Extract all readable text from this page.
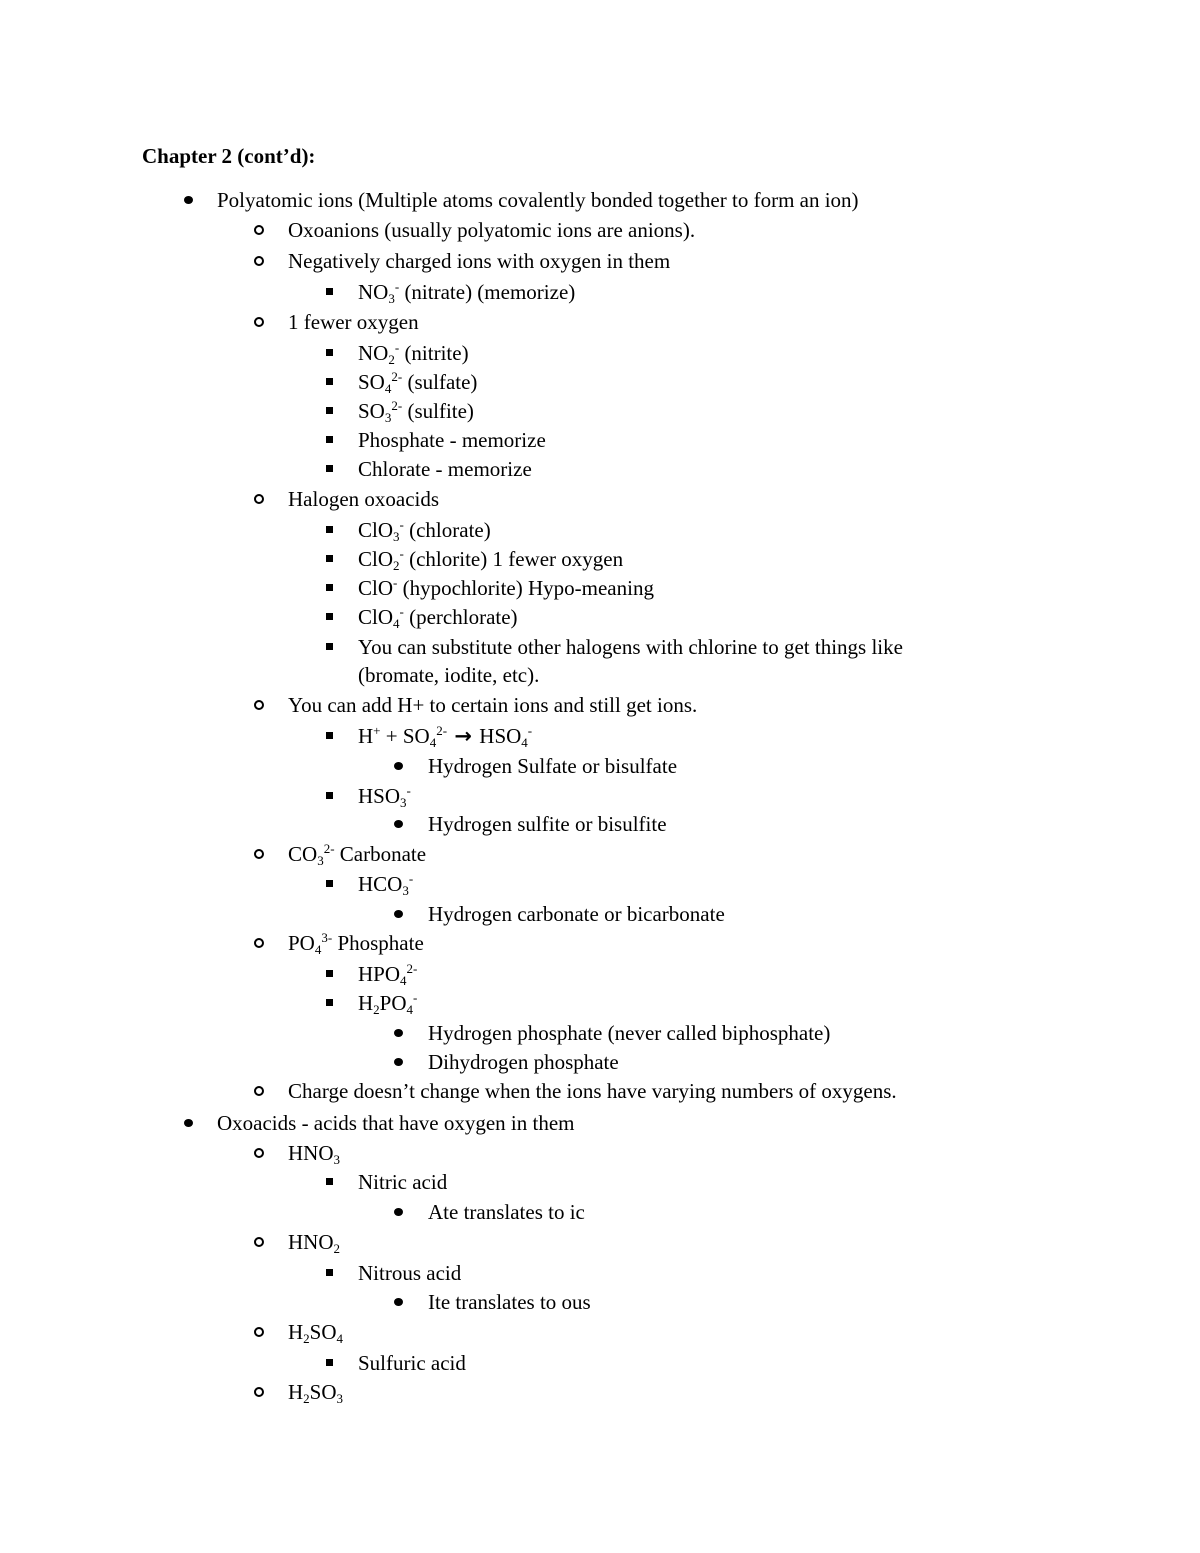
Chapter 2 (cont’d):
Polyatomic ions (Multiple atoms covalently bonded together to form an ion)
Oxoanions (usually polyatomic ions are anions).
Negatively charged ions with oxygen in them
$NO_3^-$ (nitrate) (memorize)
1 fewer oxygen
$NO_2^-$ (nitrite)
$SO_4^{2-}$ (sulfate)
$SO_3^{2-}$ (sulfite)
Phosphate - memorize
Chlorate - memorize
Halogen oxoacids
ClO$_3$- (chlorate)
ClO$_2$- (chlorite) 1 fewer oxygen
ClO- (hypochlorite) Hypo-meaning
ClO$_4$- (perchlorate)
You can substitute other halogens with chlorine to get things like
(bromate, iodite, etc).
You can add H+ to certain ions and still get ions.
$H^+ + SO_4^{2-} \to HSO_4^-$
Hydrogen Sulfate or bisulfate
$HSO_3^-$
Hydrogen sulfite or bisulfite
$CO_3^{2-}$ Carbonate
$HCO_3^-$
Hydrogen carbonate or bicarbonate
$PO_4^{3-}$ Phosphate
$HPO_4^{2-}$
$H_2PO_4^-$
Hydrogen phosphate (never called biphosphate)
Dihydrogen phosphate
Charge doesn’t change when the ions have varying numbers of oxygens.
Oxoacids - acids that have oxygen in them
$HNO_3$
Nitric acid
Ate translates to ic
$HNO_2$
Nitrous acid
Ite translates to ous
$H_2SO_4$
Sulfuric acid
$H_2SO_3$
